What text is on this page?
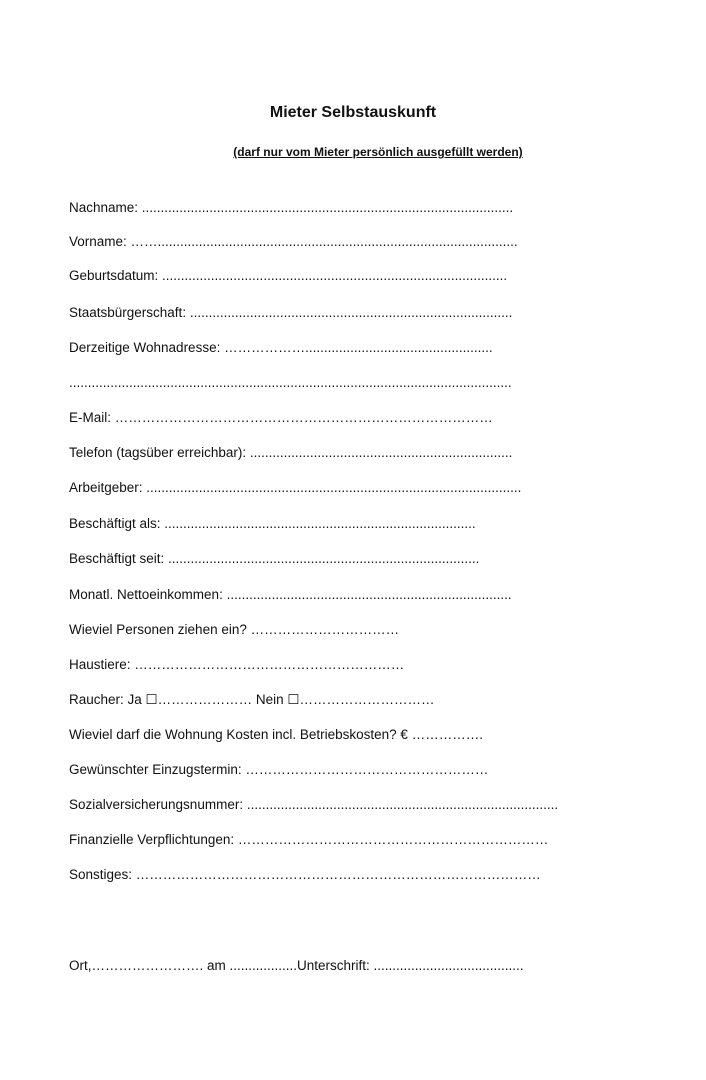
Mieter Selbstauskunft

(darf nur vom Mieter persönlich ausgefüllt werden)

Nachname: ...................................................................................................
Vorname: ……................................................................................................
Geburtsdatum: ............................................................................................
Staatsbürgerschaft: ......................................................................................
Derzeitige Wohnadresse: ………………..................................................
......................................................................................................................
E-Mail: …………………………………………………………………………
Telefon (tagsüber erreichbar): ......................................................................
Arbeitgeber: ....................................................................................................
Beschäftigt als: ...................................................................................
Beschäftigt seit: ...................................................................................
Monatl. Nettoeinkommen: ............................................................................
Wieviel Personen ziehen ein? ……………………………
Haustiere: ……………………………………………………
Raucher: Ja ☐………………… Nein ☐…………………………
Wieviel darf die Wohnung Kosten incl. Betriebskosten? € …………….
Gewünschter Einzugstermin: ………………………………………………
Sozialversicherungsnummer: ...................................................................................
Finanzielle Verpflichtungen: ……………………………………………………………
Sonstiges: ………………………………………………………………………………
Ort,……………………. am ..................Unterschrift: ........................................
